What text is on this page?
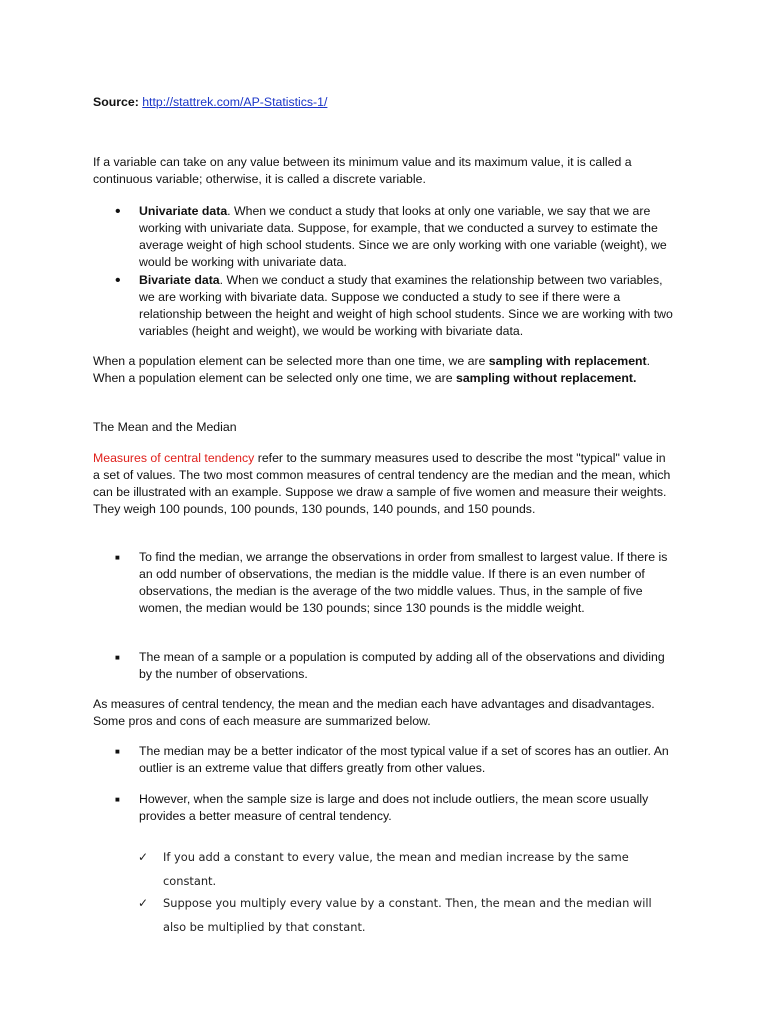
Source: http://stattrek.com/AP-Statistics-1/

If a variable can take on any value between its minimum value and its maximum value, it is called a continuous variable; otherwise, it is called a discrete variable.

• Univariate data. When we conduct a study that looks at only one variable, we say that we are working with univariate data. Suppose, for example, that we conducted a survey to estimate the average weight of high school students. Since we are only working with one variable (weight), we would be working with univariate data.
• Bivariate data. When we conduct a study that examines the relationship between two variables, we are working with bivariate data. Suppose we conducted a study to see if there were a relationship between the height and weight of high school students. Since we are working with two variables (height and weight), we would be working with bivariate data.

When a population element can be selected more than one time, we are sampling with replacement. When a population element can be selected only one time, we are sampling without replacement.

The Mean and the Median

Measures of central tendency refer to the summary measures used to describe the most "typical" value in a set of values. The two most common measures of central tendency are the median and the mean, which can be illustrated with an example. Suppose we draw a sample of five women and measure their weights. They weigh 100 pounds, 100 pounds, 130 pounds, 140 pounds, and 150 pounds.

■ To find the median, we arrange the observations in order from smallest to largest value. If there is an odd number of observations, the median is the middle value. If there is an even number of observations, the median is the average of the two middle values. Thus, in the sample of five women, the median would be 130 pounds; since 130 pounds is the middle weight.
■ The mean of a sample or a population is computed by adding all of the observations and dividing by the number of observations.

As measures of central tendency, the mean and the median each have advantages and disadvantages. Some pros and cons of each measure are summarized below.

■ The median may be a better indicator of the most typical value if a set of scores has an outlier. An outlier is an extreme value that differs greatly from other values.
■ However, when the sample size is large and does not include outliers, the mean score usually provides a better measure of central tendency.
✓ If you add a constant to every value, the mean and median increase by the same constant.
✓ Suppose you multiply every value by a constant. Then, the mean and the median will also be multiplied by that constant.
